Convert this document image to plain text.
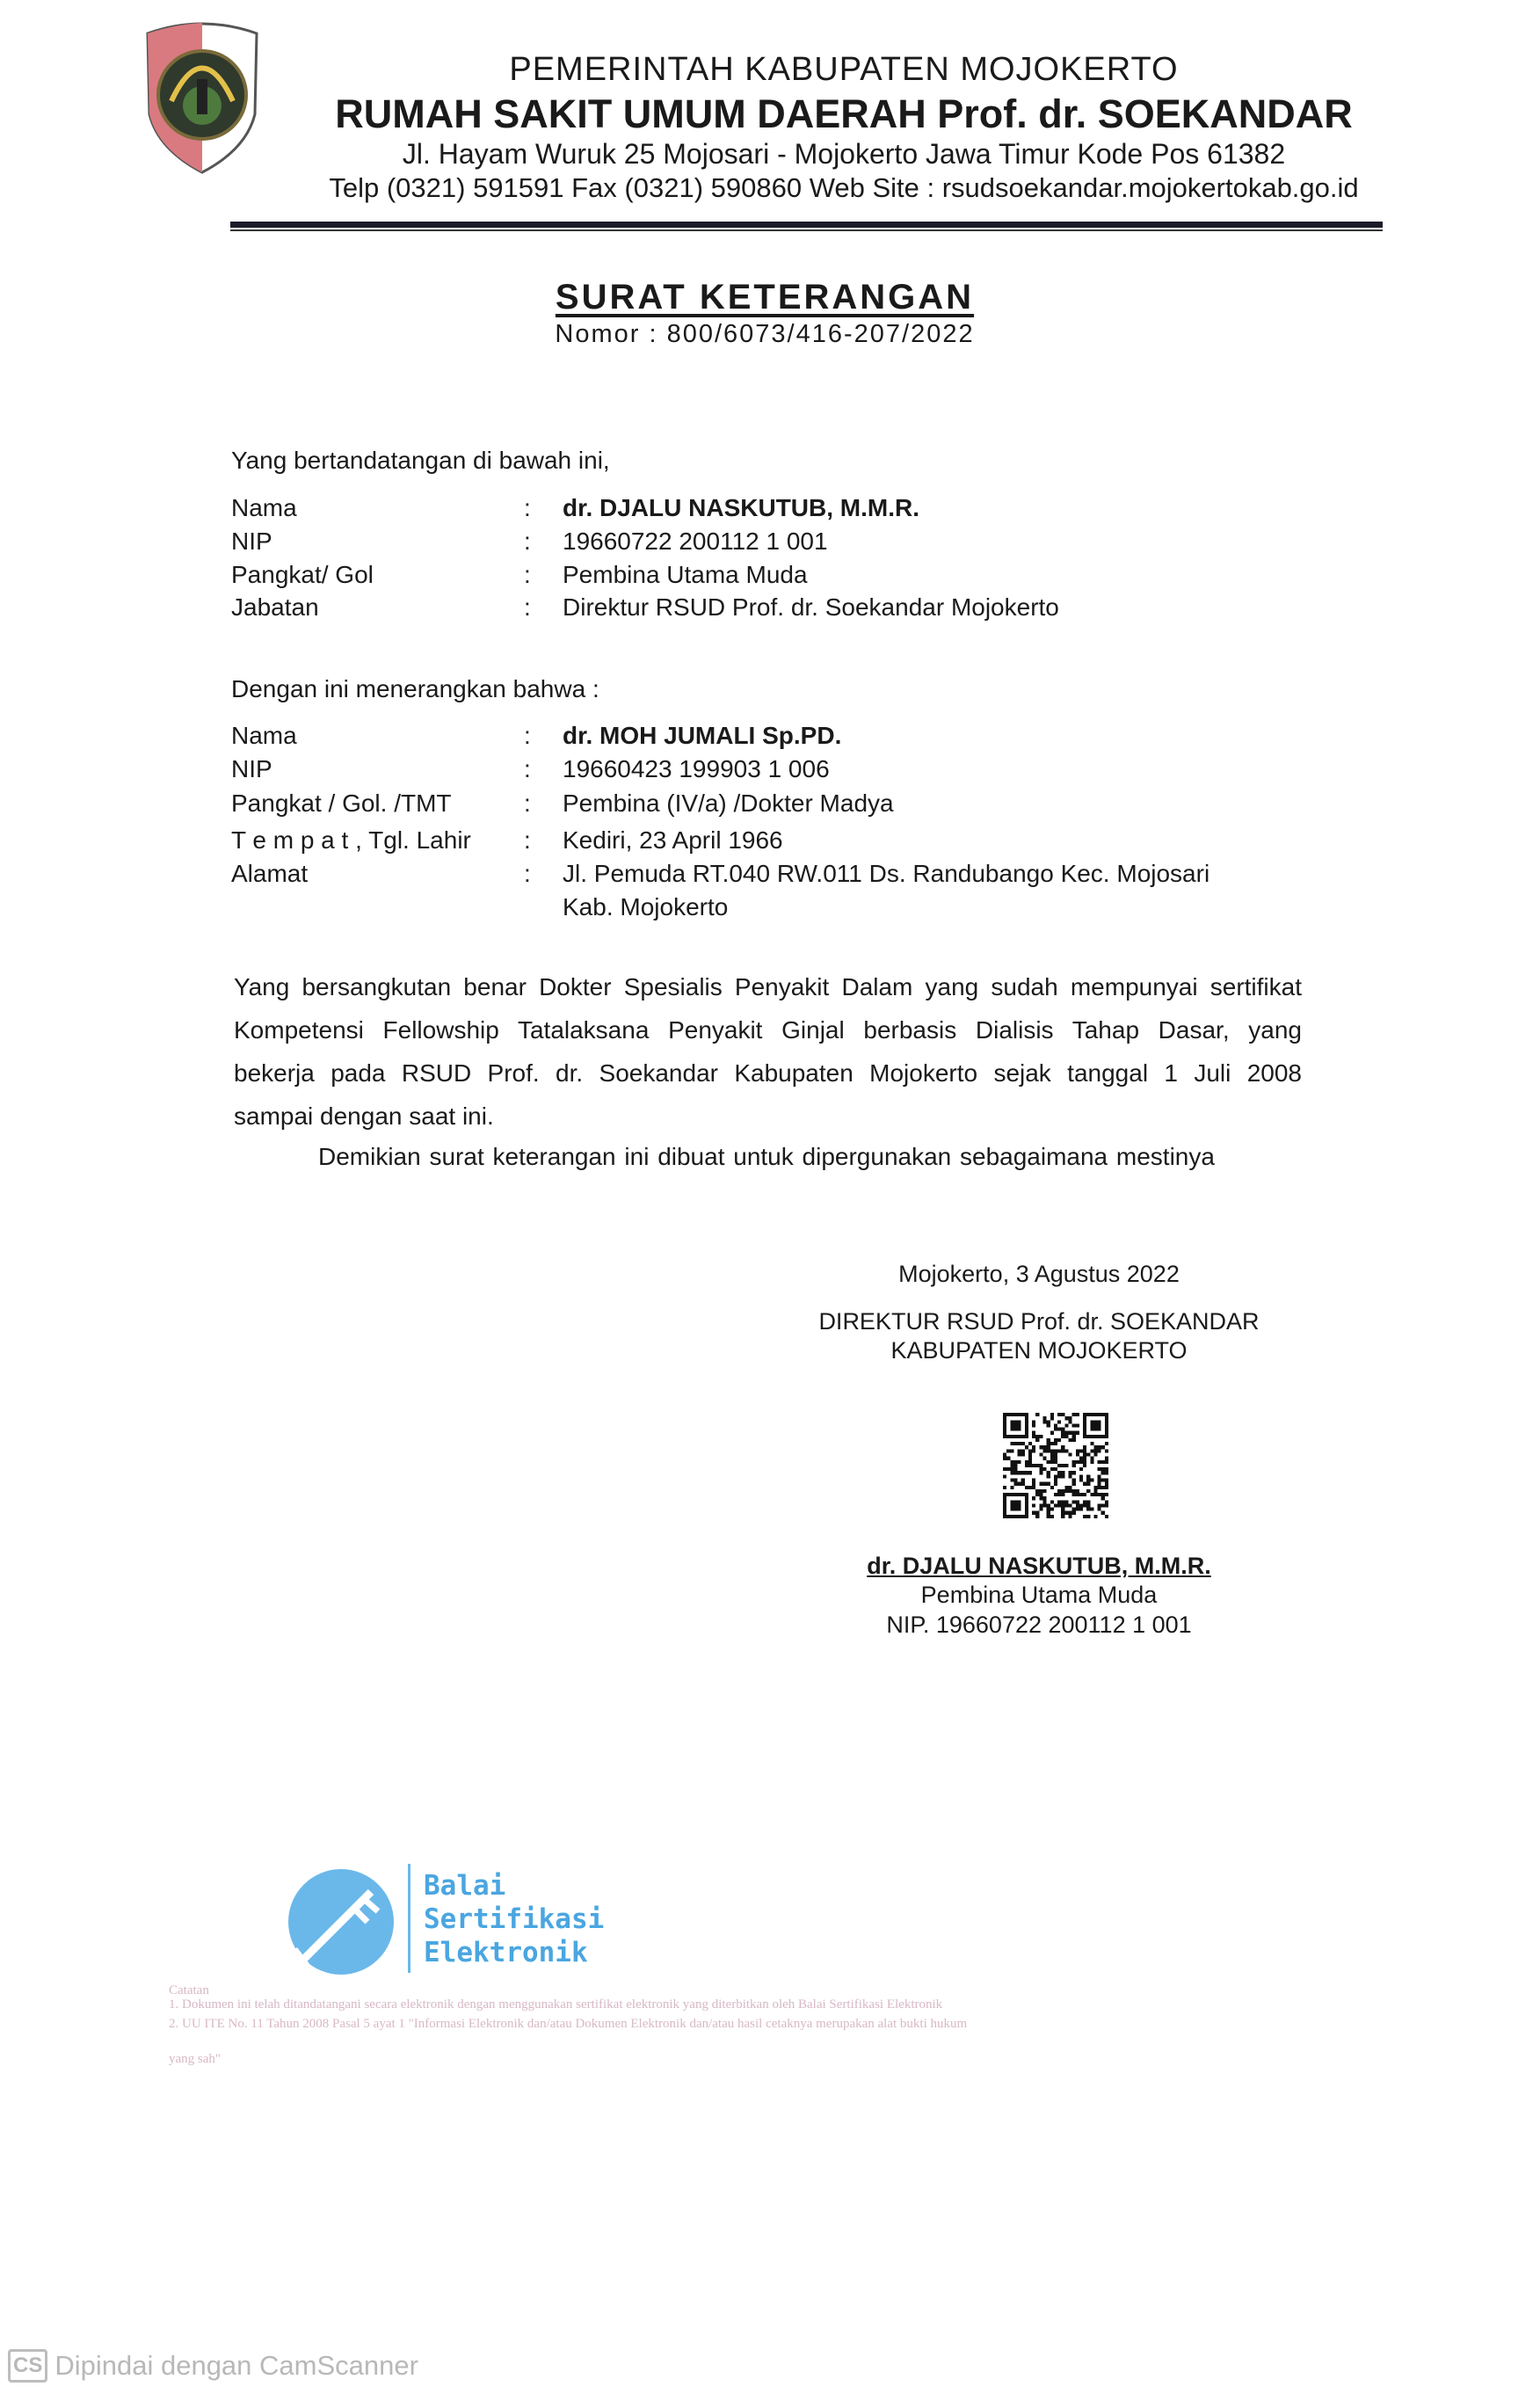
PEMERINTAH KABUPATEN MOJOKERTO
RUMAH SAKIT UMUM DAERAH Prof. dr. SOEKANDAR
Jl. Hayam Wuruk 25 Mojosari - Mojokerto Jawa Timur Kode Pos 61382
Telp (0321) 591591 Fax (0321) 590860 Web Site : rsudsoekandar.mojokertokab.go.id
SURAT KETERANGAN
Nomor : 800/6073/416-207/2022
Yang bertandatangan di bawah ini,
Nama	: dr. DJALU NASKUTUB, M.M.R.
NIP	: 19660722 200112 1 001
Pangkat/ Gol	: Pembina Utama Muda
Jabatan	: Direktur RSUD Prof. dr. Soekandar Mojokerto
Dengan ini menerangkan bahwa :
Nama	: dr. MOH JUMALI Sp.PD.
NIP	: 19660423 199903 1 006
Pangkat / Gol. /TMT	: Pembina (IV/a) /Dokter Madya
T e m p a t , Tgl. Lahir : Kediri, 23 April 1966
Alamat	: Jl. Pemuda RT.040 RW.011 Ds. Randubango Kec. Mojosari
Kab. Mojokerto
Yang bersangkutan benar Dokter Spesialis Penyakit Dalam yang sudah mempunyai sertifikat
Kompetensi Fellowship Tatalaksana Penyakit Ginjal berbasis Dialisis Tahap Dasar, yang
bekerja pada RSUD Prof. dr. Soekandar Kabupaten Mojokerto sejak tanggal 1 Juli 2008
sampai dengan saat ini.
Demikian surat keterangan ini dibuat untuk dipergunakan sebagaimana mestinya
Mojokerto, 3 Agustus 2022
DIREKTUR RSUD Prof. dr. SOEKANDAR
KABUPATEN MOJOKERTO
dr. DJALU NASKUTUB, M.M.R.
Pembina Utama Muda
NIP. 19660722 200112 1 001
Balai
Sertifikasi
Elektronik
Catatan
1. Dokumen ini telah ditandatangani secara elektronik dengan menggunakan sertifikat elektronik yang diterbitkan oleh Balai Sertifikasi Elektronik
2. UU ITE No. 11 Tahun 2008 Pasal 5 ayat 1 "Informasi Elektronik dan/atau Dokumen Elektronik dan/atau hasil cetaknya merupakan alat bukti hukum
yang sah"
CS Dipindai dengan CamScanner
